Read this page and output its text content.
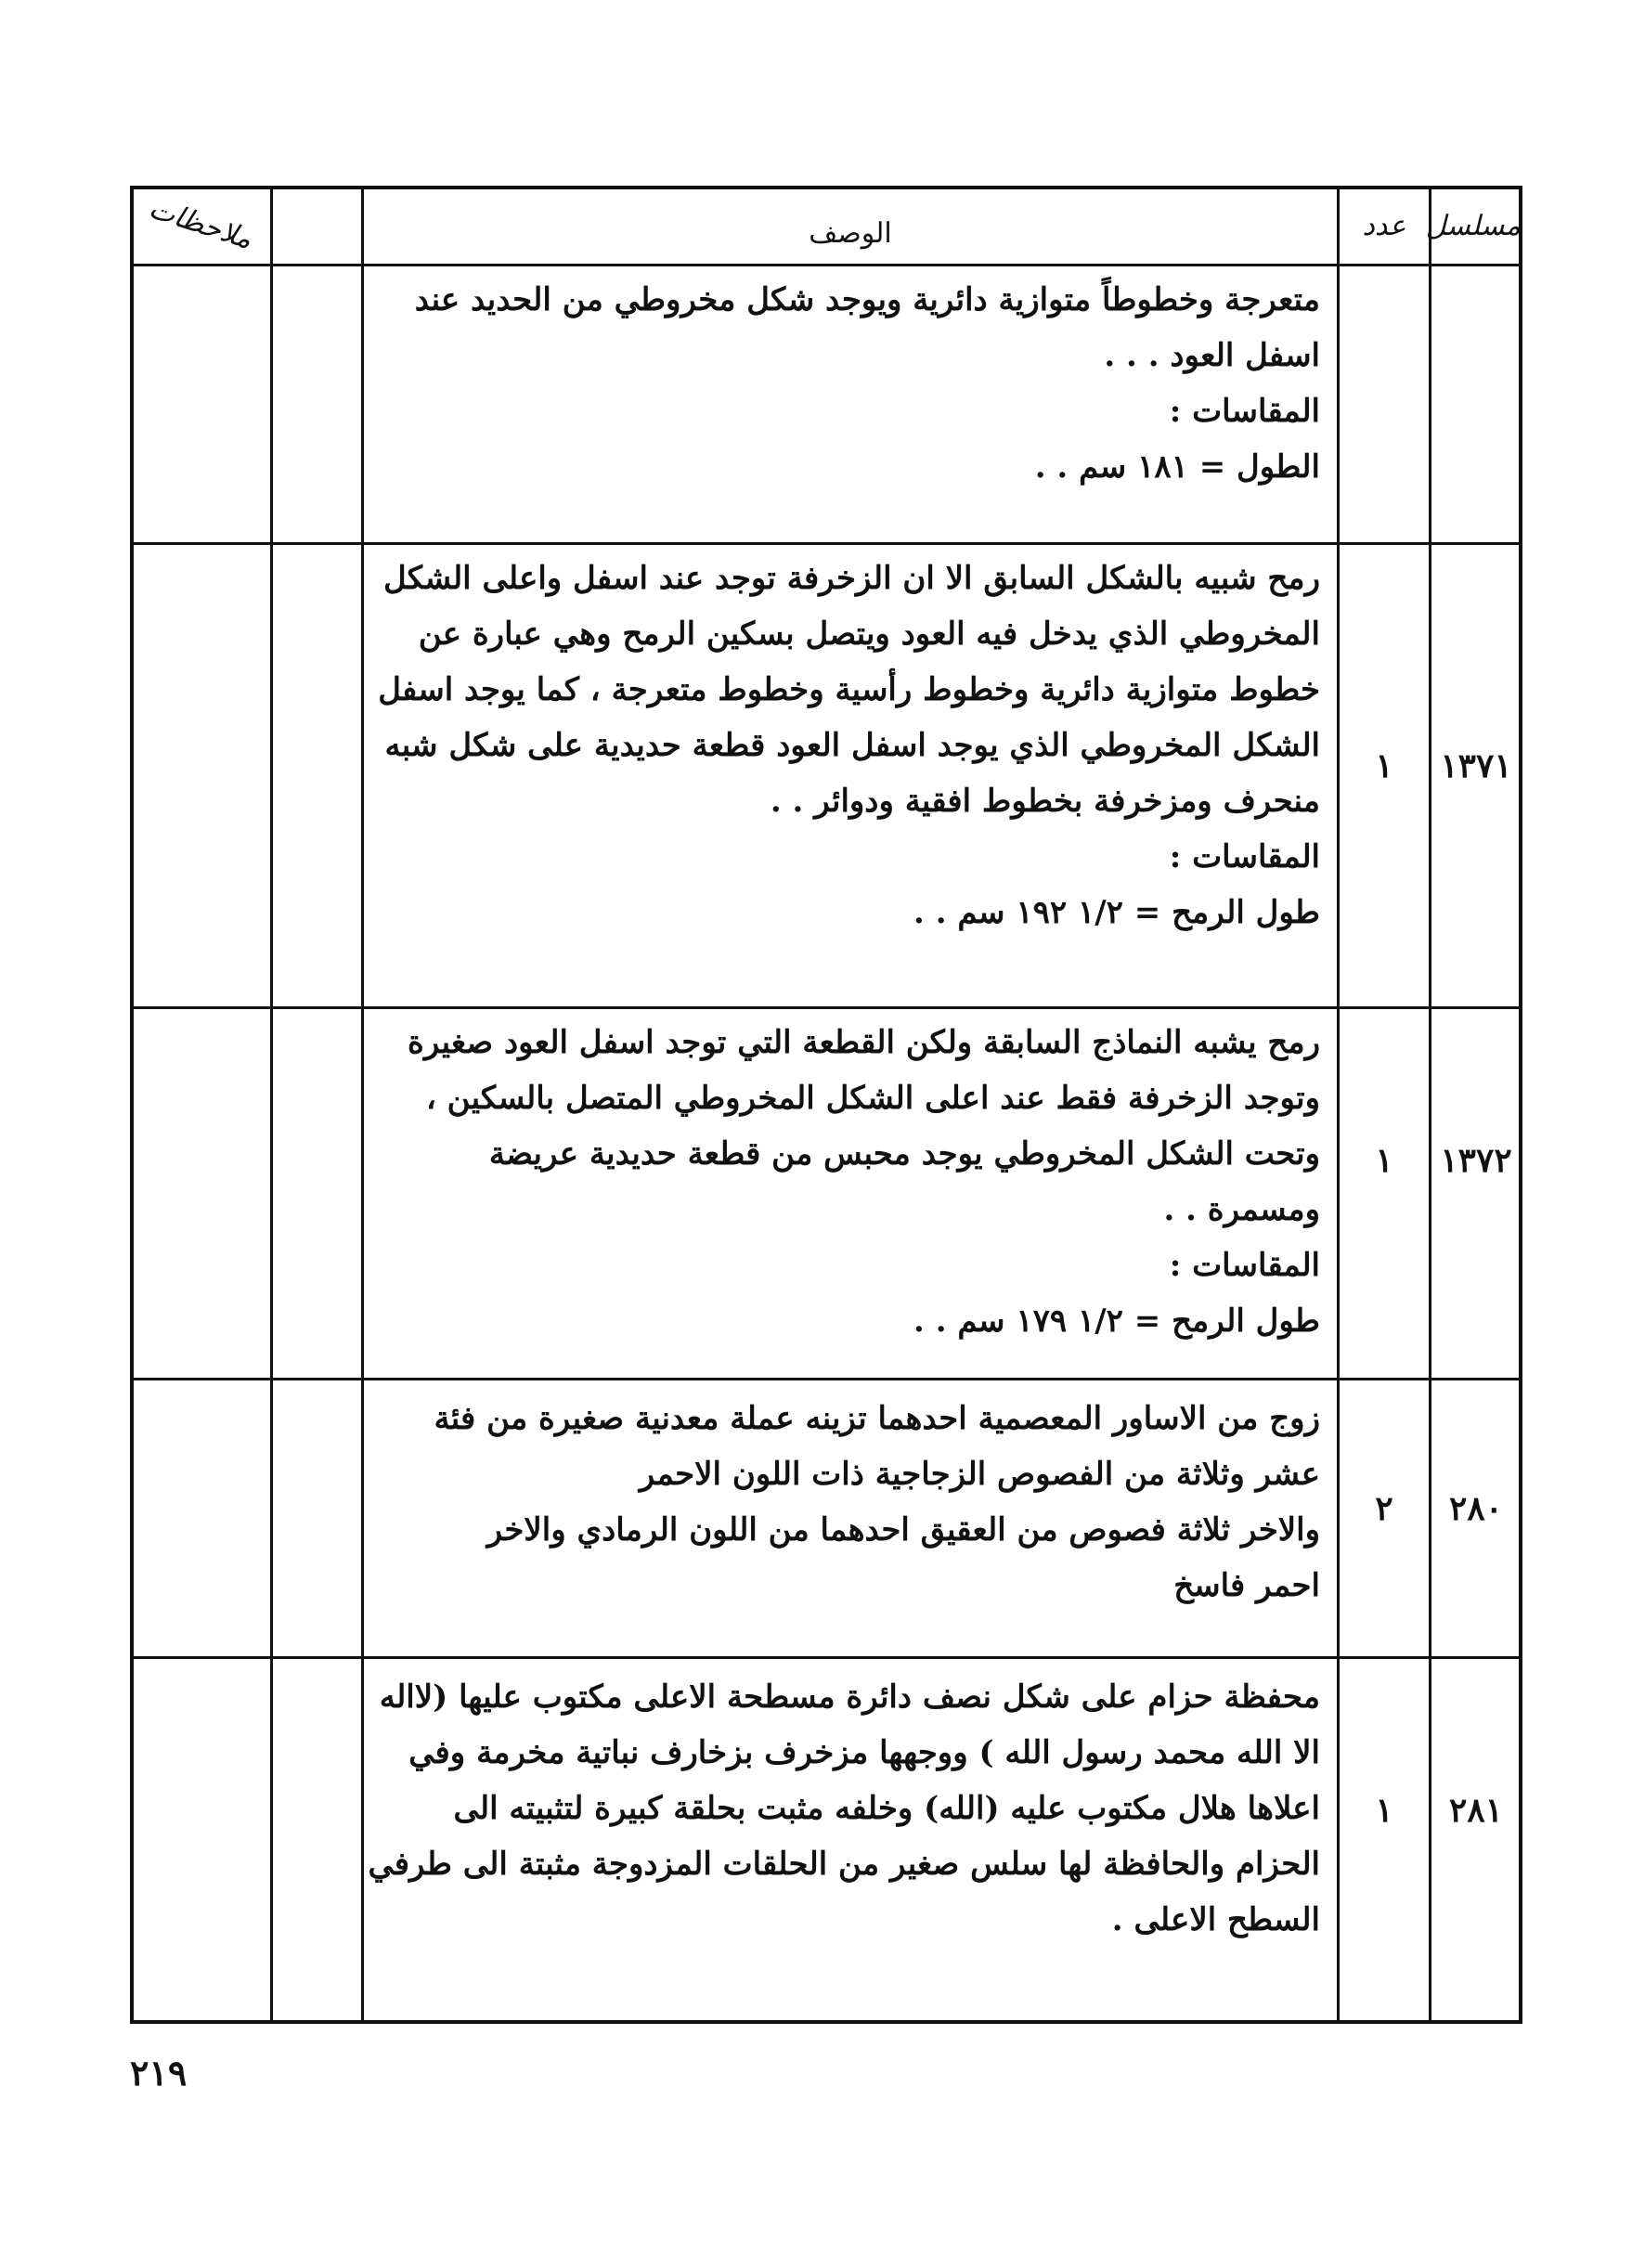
مسلسل
عدد
الوصف
ملاحظات

متعرجة وخطوطاً متوازية دائرية ويوجد شكل مخروطي من الحديد عند

اسفل العود . . .

المقاسات :

الطول = ١٨١ سم . .

١٣٧١
١

رمح شبيه بالشكل السابق الا ان الزخرفة توجد عند اسفل واعلى الشكل

المخروطي الذي يدخل فيه العود ويتصل بسكين الرمح وهي عبارة عن

خطوط متوازية دائرية وخطوط رأسية وخطوط متعرجة ، كما يوجد اسفل

الشكل المخروطي الذي يوجد اسفل العود قطعة حديدية على شكل شبه

منحرف ومزخرفة بخطوط افقية ودوائر . .

المقاسات :

طول الرمح = ١/٢ ١٩٢ سم . .

١٣٧٢
١

رمح يشبه النماذج السابقة ولكن القطعة التي توجد اسفل العود صغيرة

وتوجد الزخرفة فقط عند اعلى الشكل المخروطي المتصل بالسكين ،

وتحت الشكل المخروطي يوجد محبس من قطعة حديدية عريضة

ومسمرة . .

المقاسات :

طول الرمح = ١/٢ ١٧٩ سم . .

٢٨٠
٢

زوج من الاساور المعصمية احدهما تزينه عملة معدنية صغيرة من فئة

عشر وثلاثة من الفصوص الزجاجية ذات اللون الاحمر

والاخر ثلاثة فصوص من العقيق احدهما من اللون الرمادي والاخر

احمر فاسخ

٢٨١
١

محفظة حزام على شكل نصف دائرة مسطحة الاعلى مكتوب عليها (لااله

الا الله محمد رسول الله ) ووجهها مزخرف بزخارف نباتية مخرمة وفي

اعلاها هلال مكتوب عليه (الله) وخلفه مثبت بحلقة كبيرة لتثبيته الى

الحزام والحافظة لها سلس صغير من الحلقات المزدوجة مثبتة الى طرفي

السطح الاعلى .

٢١٩
